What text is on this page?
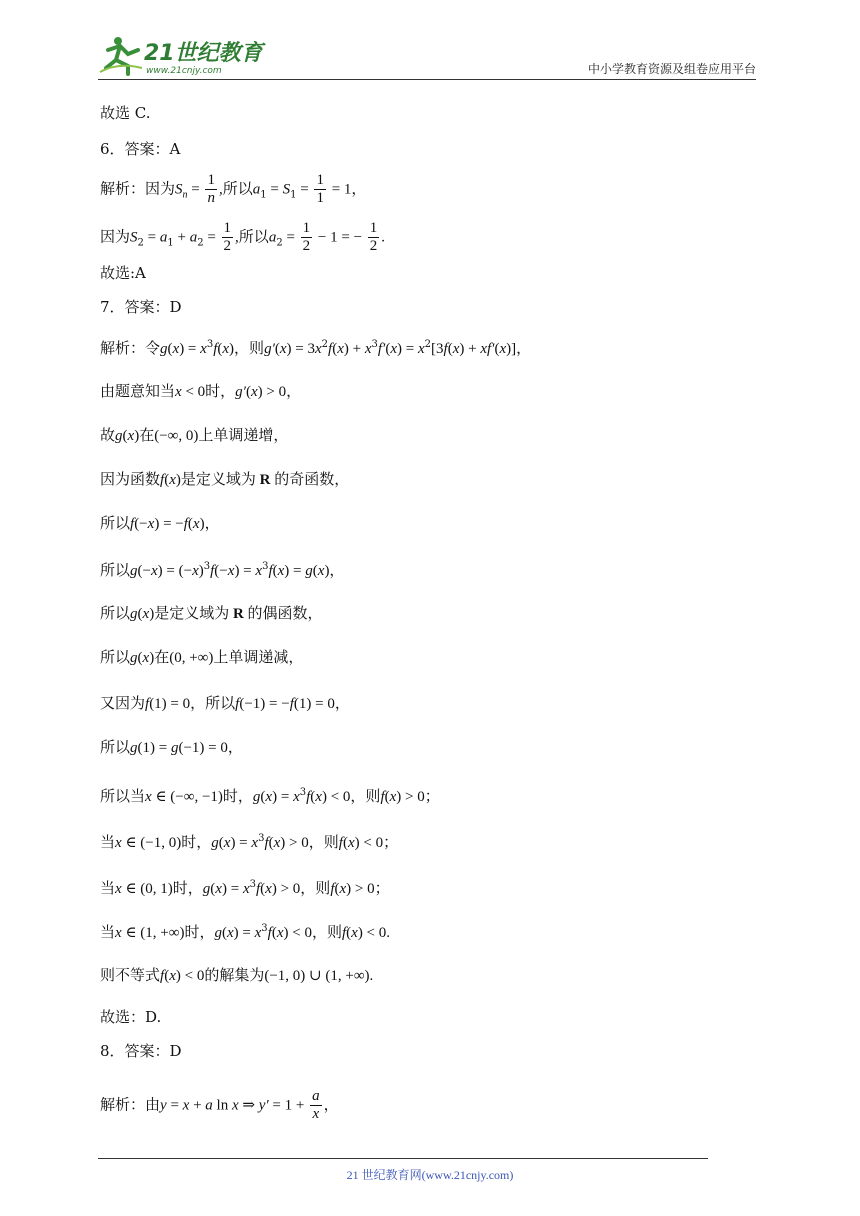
21世纪教育
www.21cnjy.com	中小学教育资源及组卷应用平台
故选 C.
6．答案：A
解析：因为$S_n = \frac{1}{n}$ ,所以$a_1 = S_1 = \frac{1}{1} = 1$，
因为$S_2 = a_1 + a_2 = \frac{1}{2}$ ,所以$a_2 = \frac{1}{2} - 1$ = − $\frac{1}{2}$ .
故选:A
7．答案：D
解析：令$g(x) = x^3f(x)$，则$g'(x) = 3x^2f(x) + x^3f'(x) = x^2[3f(x) + xf'(x)]$，
由题意知当x < 0时，g′(x) > 0，
故g(x)在(−∞, 0)上单调递增，
因为函数f(x)是定义域为 R 的奇函数，
所以f(−x) = −f(x)，
所以$g(-x) = (-x)^3f(-x) = x^3f(x) = g(x)$，
所以g(x)是定义域为 R 的偶函数，
所以g(x)在(0, +∞)上单调递减，
又因为f(1) = 0，所以f(−1) = −f(1) = 0，
所以g(1) = g(−1) = 0，
所以当x ∈ (−∞, −1)时，$g(x) = x^3f(x) < 0$，则f(x) > 0；
当x ∈ (−1, 0)时，$g(x) = x^3f(x) > 0$，则f(x) < 0；
当x ∈ (0, 1)时，$g(x) = x^3f(x) > 0$，则f(x) > 0；
当x ∈ (1, +∞)时，$g(x) = x^3f(x) < 0$，则f(x) < 0.
则不等式f(x) < 0的解集为(−1, 0) ∪ (1, +∞).
故选：D.
8．答案：D
解析：由y = x + a ln x ⇒ $y' = 1 + \frac{a}{x}$ ，
21 世纪教育网(www.21cnjy.com)
